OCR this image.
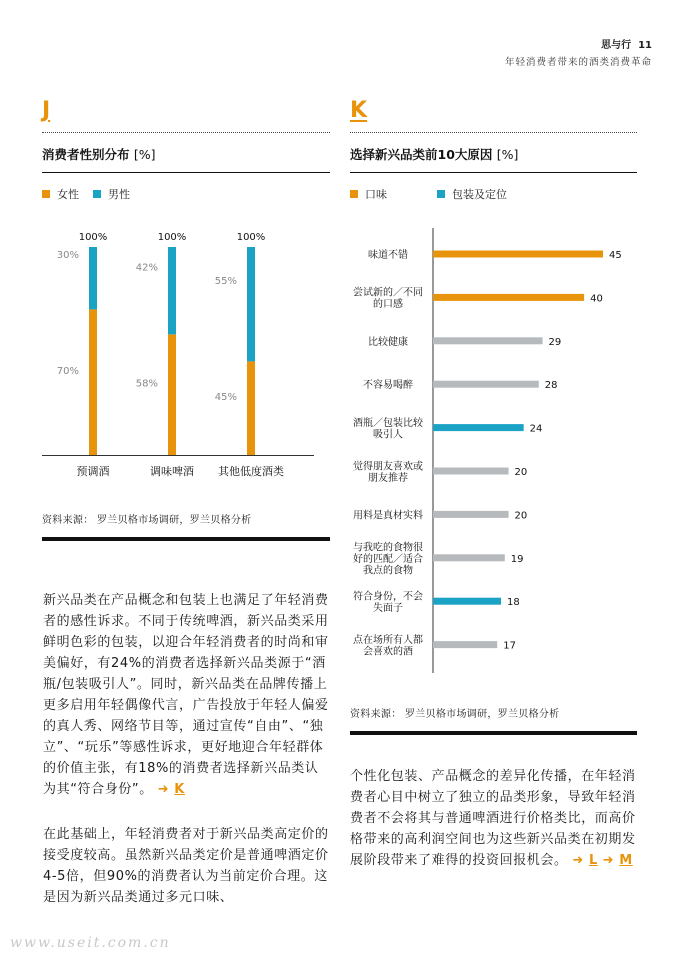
思与行 11
年轻消费者带来的酒类消费革命
J
消费者性别分布 [%]
女性	男性
100%
30%
70%
预调酒
100%
42%
58%
调味啤酒
100%
55%
45%
其他低度酒类
资料来源： 罗兰贝格市场调研，罗兰贝格分析
新兴品类在产品概念和包装上也满足了年轻消费者的感性诉求。不同于传统啤酒，新兴品类采用鲜明色彩的包装，以迎合年轻消费者的时尚和审美偏好，有24%的消费者选择新兴品类源于“酒瓶/包装吸引人”。同时，新兴品类在品牌传播上更多启用年轻偶像代言，广告投放于年轻人偏爱的真人秀、网络节目等，通过宣传“自由”、“独立”、“玩乐”等感性诉求，更好地迎合年轻群体的价值主张，有18%的消费者选择新兴品类认为其“符合身份”。 ➜ K
在此基础上，年轻消费者对于新兴品类高定价的接受度较高。虽然新兴品类定价是普通啤酒定价4-5倍，但90%的消费者认为当前定价合理。这是因为新兴品类通过多元口味、
K
选择新兴品类前10大原因 [%]
口味	包装及定位
45
味道不错
40
尝试新的／不同的口感
29
比较健康
28
不容易喝醉
24
酒瓶／包装比较吸引人
20
觉得朋友喜欢或朋友推荐
20
用料是真材实料
19
与我吃的食物很好的匹配／适合我点的食物
18
符合身份，不会失面子
17
点在场所有人都会喜欢的酒
资料来源： 罗兰贝格市场调研，罗兰贝格分析
个性化包装、产品概念的差异化传播，在年轻消费者心目中树立了独立的品类形象，导致年轻消费者不会将其与普通啤酒进行价格类比，而高价格带来的高利润空间也为这些新兴品类在初期发展阶段带来了难得的投资回报机会。 ➜ L ➜ M
www.useit.com.cn
